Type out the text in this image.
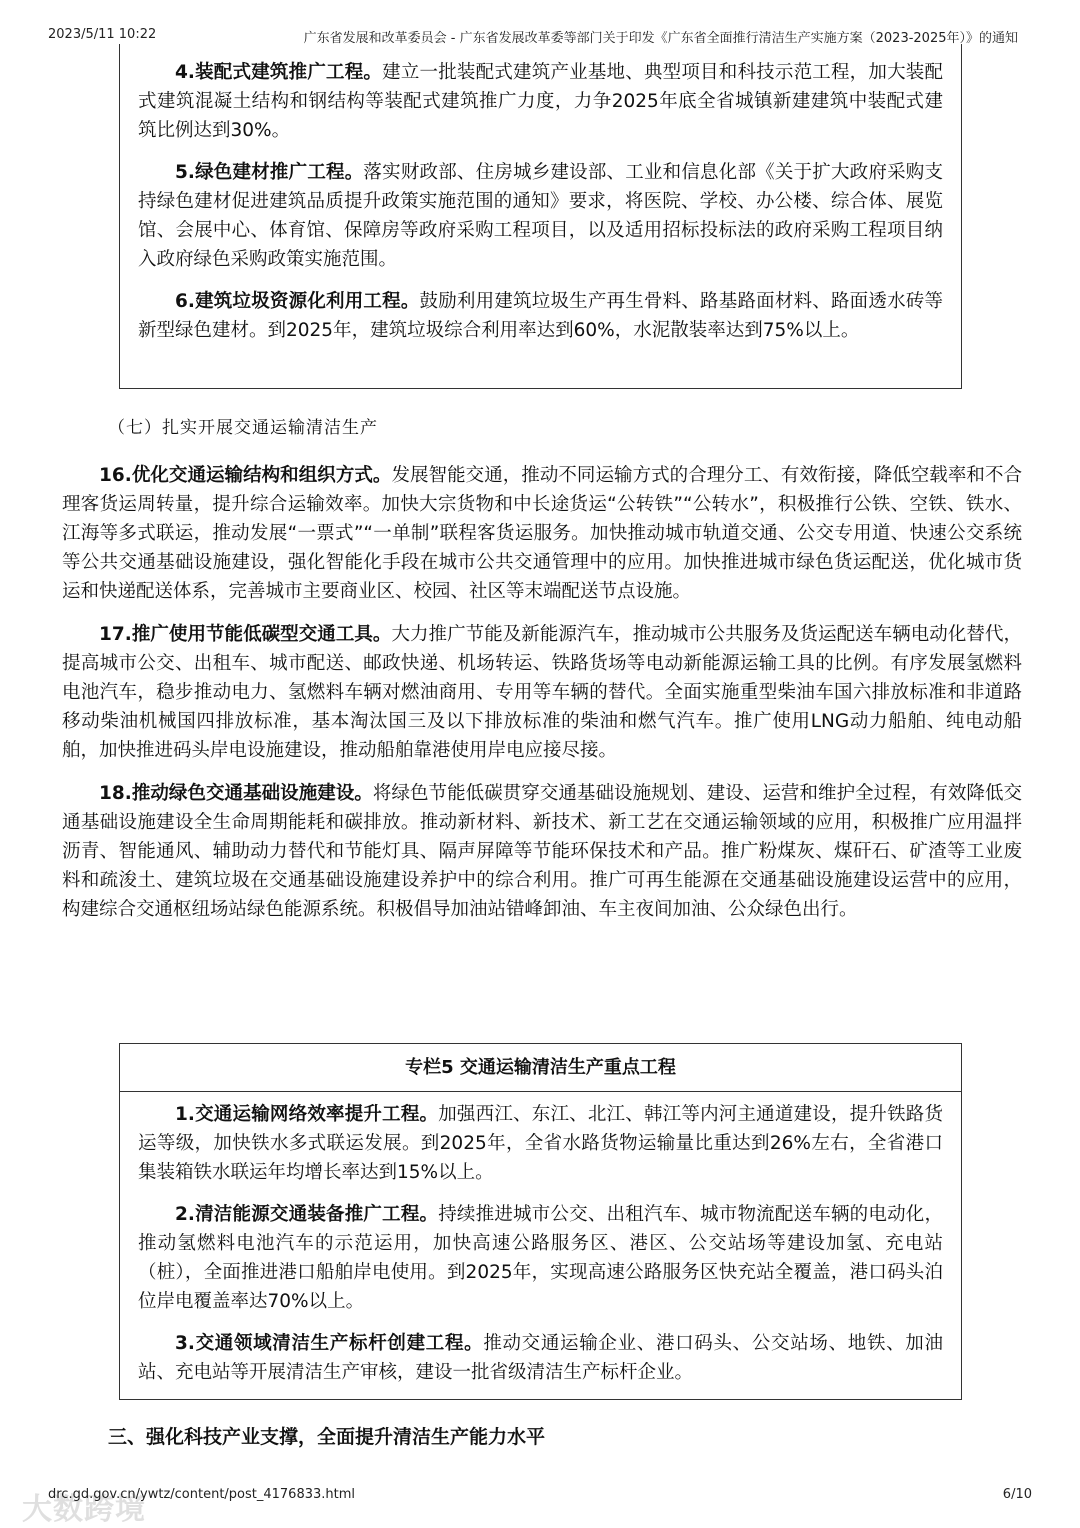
2023/5/11 10:22	广东省发展和改革委员会 - 广东省发展改革委等部门关于印发《广东省全面推行清洁生产实施方案（2023-2025年）》的通知

4.装配式建筑推广工程。建立一批装配式建筑产业基地、典型项目和科技示范工程，加大装配式建筑混凝土结构和钢结构等装配式建筑推广力度，力争2025年底全省城镇新建建筑中装配式建筑比例达到30%。

5.绿色建材推广工程。落实财政部、住房城乡建设部、工业和信息化部《关于扩大政府采购支持绿色建材促进建筑品质提升政策实施范围的通知》要求，将医院、学校、办公楼、综合体、展览馆、会展中心、体育馆、保障房等政府采购工程项目，以及适用招标投标法的政府采购工程项目纳入政府绿色采购政策实施范围。

6.建筑垃圾资源化利用工程。鼓励利用建筑垃圾生产再生骨料、路基路面材料、路面透水砖等新型绿色建材。到2025年，建筑垃圾综合利用率达到60%，水泥散装率达到75%以上。

（七）扎实开展交通运输清洁生产

16.优化交通运输结构和组织方式。发展智能交通，推动不同运输方式的合理分工、有效衔接，降低空载率和不合理客货运周转量，提升综合运输效率。加快大宗货物和中长途货运“公转铁”“公转水”，积极推行公铁、空铁、铁水、江海等多式联运，推动发展“一票式”“一单制”联程客货运服务。加快推动城市轨道交通、公交专用道、快速公交系统等公共交通基础设施建设，强化智能化手段在城市公共交通管理中的应用。加快推进城市绿色货运配送，优化城市货运和快递配送体系，完善城市主要商业区、校园、社区等末端配送节点设施。

17.推广使用节能低碳型交通工具。大力推广节能及新能源汽车，推动城市公共服务及货运配送车辆电动化替代，提高城市公交、出租车、城市配送、邮政快递、机场转运、铁路货场等电动新能源运输工具的比例。有序发展氢燃料电池汽车，稳步推动电力、氢燃料车辆对燃油商用、专用等车辆的替代。全面实施重型柴油车国六排放标准和非道路移动柴油机械国四排放标准，基本淘汰国三及以下排放标准的柴油和燃气汽车。推广使用LNG动力船舶、纯电动船舶，加快推进码头岸电设施建设，推动船舶靠港使用岸电应接尽接。

18.推动绿色交通基础设施建设。将绿色节能低碳贯穿交通基础设施规划、建设、运营和维护全过程，有效降低交通基础设施建设全生命周期能耗和碳排放。推动新材料、新技术、新工艺在交通运输领域的应用，积极推广应用温拌沥青、智能通风、辅助动力替代和节能灯具、隔声屏障等节能环保技术和产品。推广粉煤灰、煤矸石、矿渣等工业废料和疏浚土、建筑垃圾在交通基础设施建设养护中的综合利用。推广可再生能源在交通基础设施建设运营中的应用，构建综合交通枢纽场站绿色能源系统。积极倡导加油站错峰卸油、车主夜间加油、公众绿色出行。

专栏5 交通运输清洁生产重点工程

1.交通运输网络效率提升工程。加强西江、东江、北江、韩江等内河主通道建设，提升铁路货运等级，加快铁水多式联运发展。到2025年，全省水路货物运输量比重达到26%左右，全省港口集装箱铁水联运年均增长率达到15%以上。

2.清洁能源交通装备推广工程。持续推进城市公交、出租汽车、城市物流配送车辆的电动化，推动氢燃料电池汽车的示范运用，加快高速公路服务区、港区、公交站场等建设加氢、充电站（桩），全面推进港口船舶岸电使用。到2025年，实现高速公路服务区快充站全覆盖，港口码头泊位岸电覆盖率达70%以上。

3.交通领域清洁生产标杆创建工程。推动交通运输企业、港口码头、公交站场、地铁、加油站、充电站等开展清洁生产审核，建设一批省级清洁生产标杆企业。

三、强化科技产业支撑，全面提升清洁生产能力水平
大数跨境
drc.gd.gov.cn/ywtz/content/post_4176833.html	6/10
